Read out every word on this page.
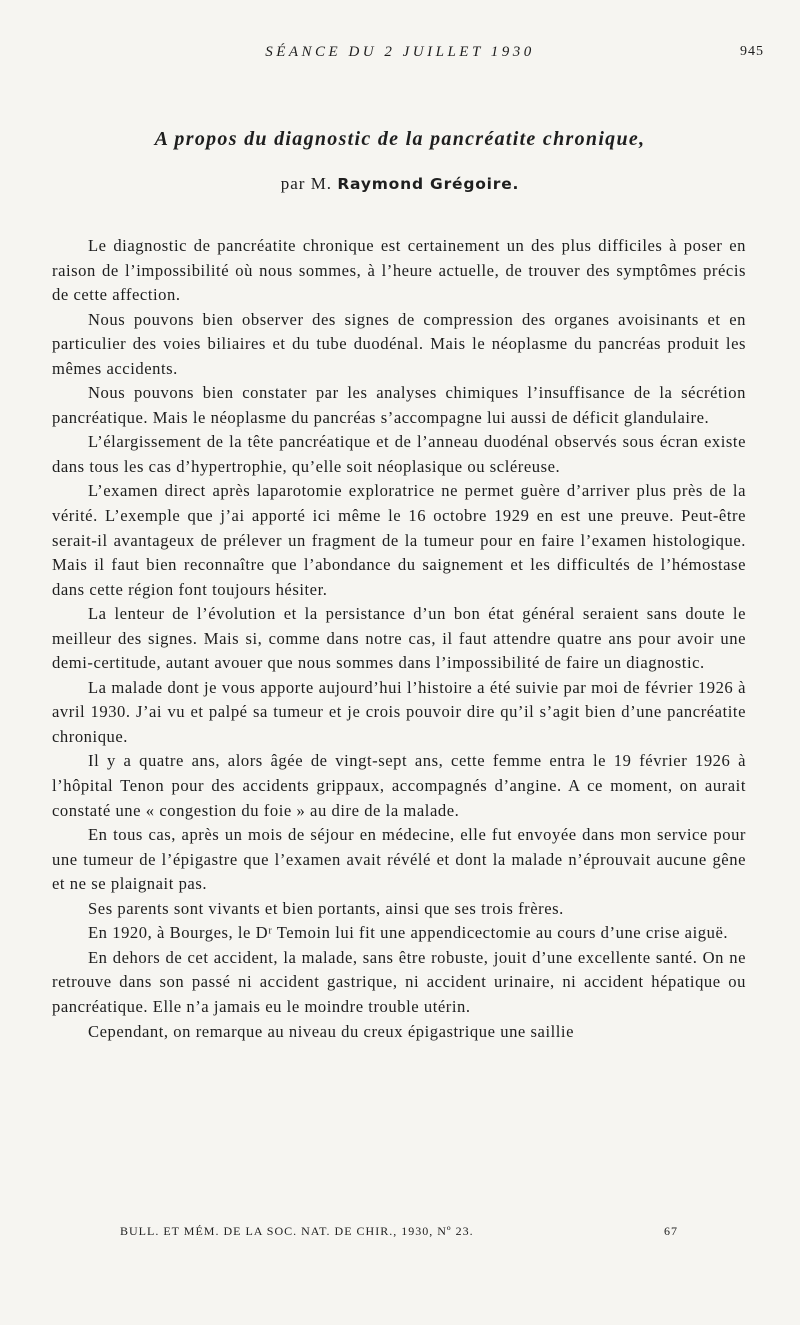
SÉANCE DU 2 JUILLET 1930	945
A propos du diagnostic de la pancréatite chronique,
par M. Raymond Grégoire.

Le diagnostic de pancréatite chronique est certainement un des plus difficiles à poser en raison de l’impossibilité où nous sommes, à l’heure actuelle, de trouver des symptômes précis de cette affection.

Nous pouvons bien observer des signes de compression des organes avoisinants et en particulier des voies biliaires et du tube duodénal. Mais le néoplasme du pancréas produit les mêmes accidents.

Nous pouvons bien constater par les analyses chimiques l’insuffisance de la sécrétion pancréatique. Mais le néoplasme du pancréas s’accompagne lui aussi de déficit glandulaire.

L’élargissement de la tête pancréatique et de l’anneau duodénal observés sous écran existe dans tous les cas d’hypertrophie, qu’elle soit néoplasique ou scléreuse.

L’examen direct après laparotomie exploratrice ne permet guère d’arriver plus près de la vérité. L’exemple que j’ai apporté ici même le 16 octobre 1929 en est une preuve. Peut-être serait-il avantageux de prélever un fragment de la tumeur pour en faire l’examen histologique. Mais il faut bien reconnaître que l’abondance du saignement et les difficultés de l’hémostase dans cette région font toujours hésiter.

La lenteur de l’évolution et la persistance d’un bon état général seraient sans doute le meilleur des signes. Mais si, comme dans notre cas, il faut attendre quatre ans pour avoir une demi-certitude, autant avouer que nous sommes dans l’impossibilité de faire un diagnostic.

La malade dont je vous apporte aujourd’hui l’histoire a été suivie par moi de février 1926 à avril 1930. J’ai vu et palpé sa tumeur et je crois pouvoir dire qu’il s’agit bien d’une pancréatite chronique.

Il y a quatre ans, alors âgée de vingt-sept ans, cette femme entra le 19 février 1926 à l’hôpital Tenon pour des accidents grippaux, accompagnés d’angine. A ce moment, on aurait constaté une « congestion du foie » au dire de la malade.

En tous cas, après un mois de séjour en médecine, elle fut envoyée dans mon service pour une tumeur de l’épigastre que l’examen avait révélé et dont la malade n’éprouvait aucune gêne et ne se plaignait pas.

Ses parents sont vivants et bien portants, ainsi que ses trois frères.

En 1920, à Bourges, le Dʳ Temoin lui fit une appendicectomie au cours d’une crise aiguë.

En dehors de cet accident, la malade, sans être robuste, jouit d’une excellente santé. On ne retrouve dans son passé ni accident gastrique, ni accident urinaire, ni accident hépatique ou pancréatique. Elle n’a jamais eu le moindre trouble utérin.

Cependant, on remarque au niveau du creux épigastrique une saillie

BULL. ET MÉM. DE LA SOC. NAT. DE CHIR., 1930, Nº 23.	67
